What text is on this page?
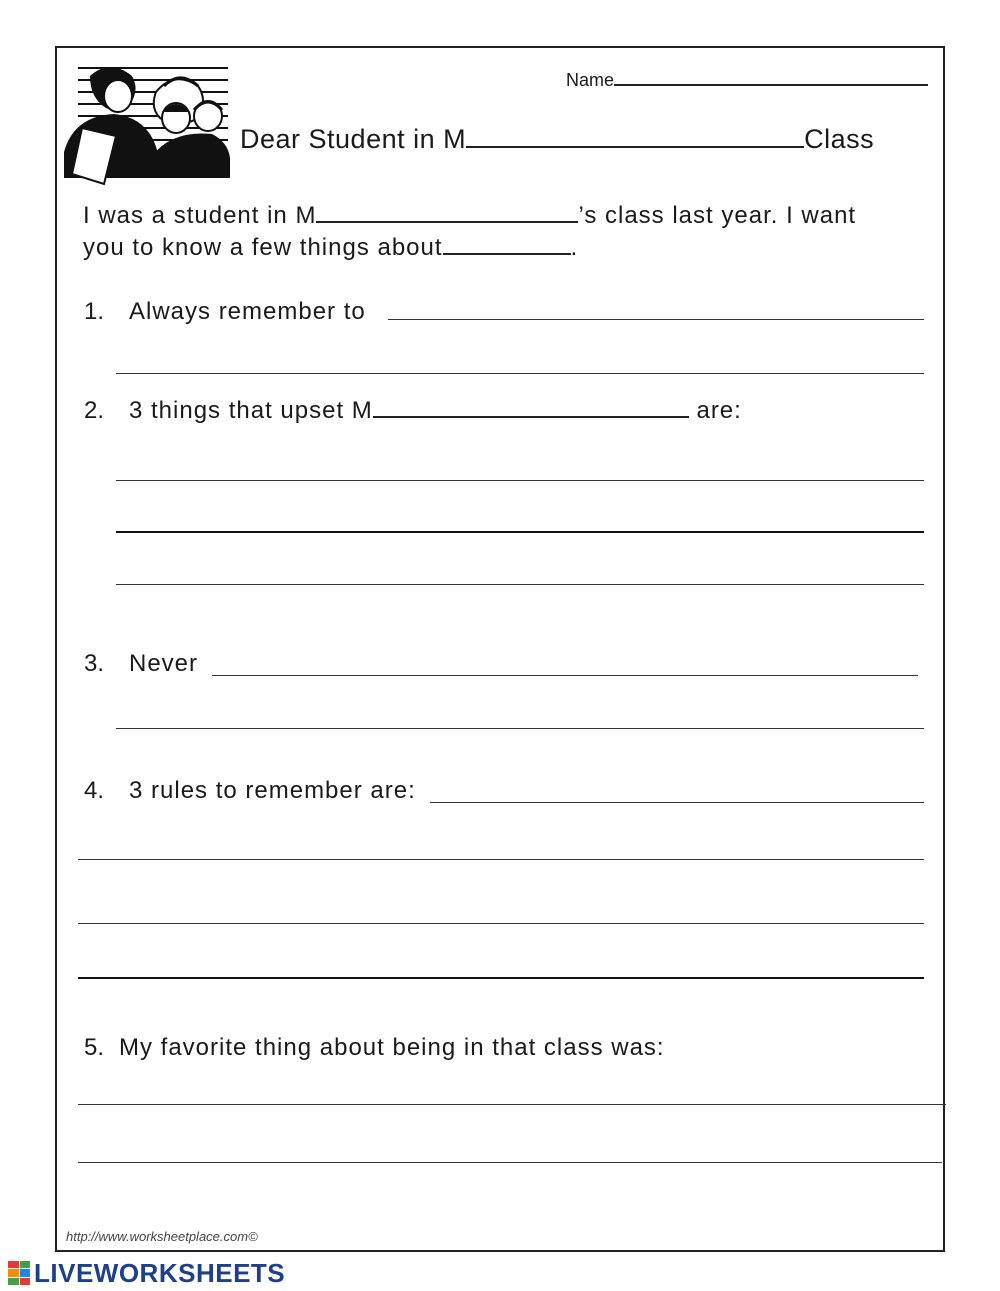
Name
Dear Student in M	Class
I was a student in M	’s class last year. I want
you to know a few things about	.
1. Always remember to
2. 3 things that upset M	are:
3. Never
4. 3 rules to remember are:
5. My favorite thing about being in that class was:
http://www.worksheetplace.com©
LIVEWORKSHEETS
